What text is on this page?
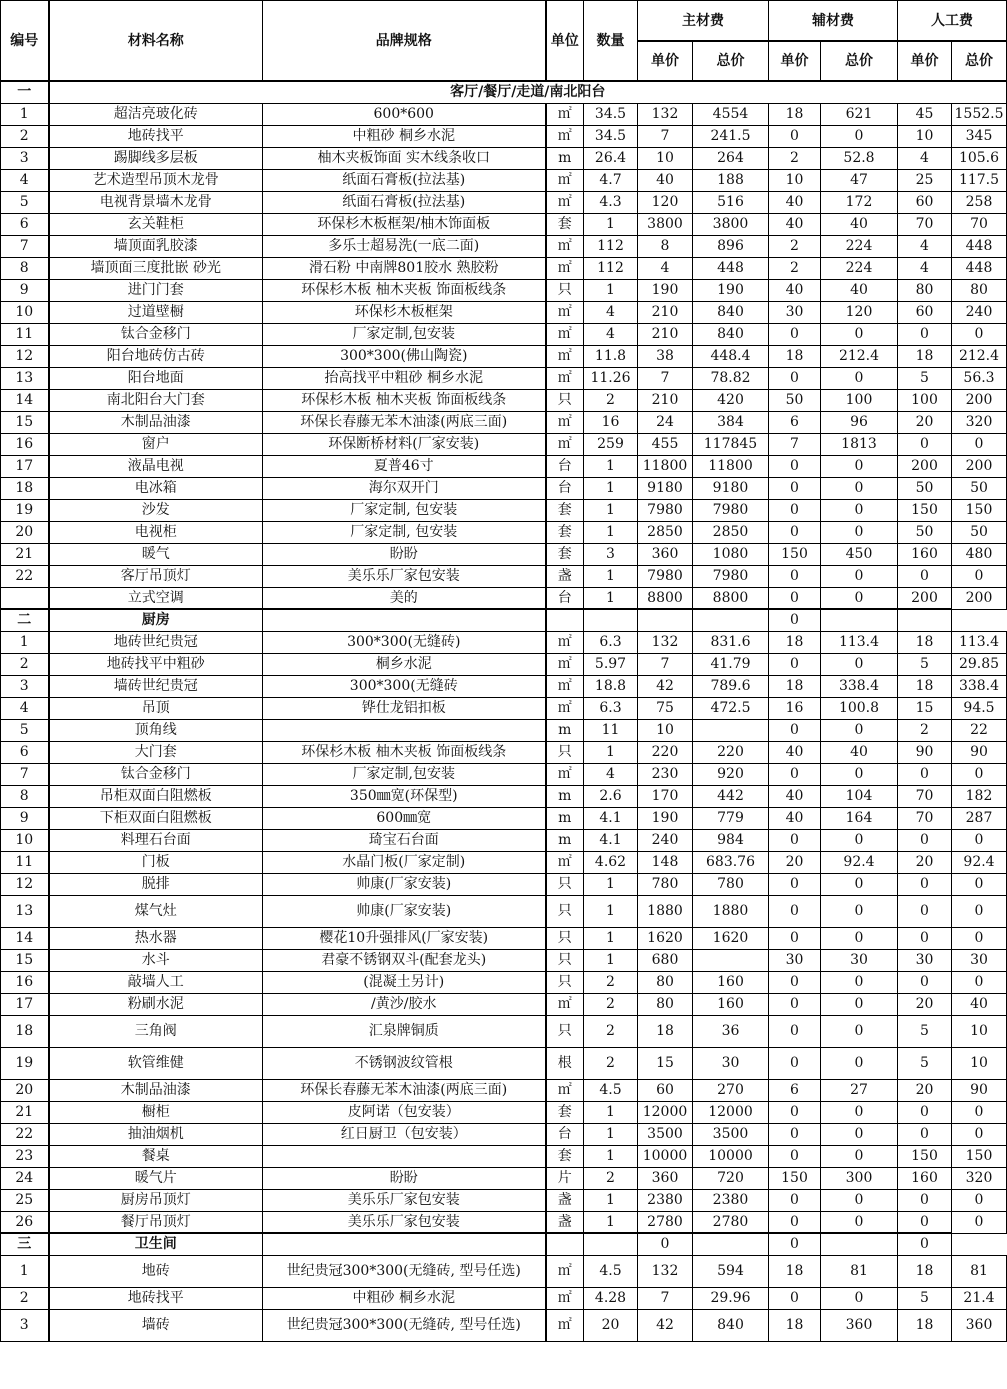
编号	材料名称	品牌规格	单位	数量	主材费		辅材费		人工费	
					单价	总价	单价	总价	单价	总价
一	客厅/餐厅/走道/南北阳台									
1	超洁亮玻化砖	600*600	㎡	34.5	132	4554	18	621	45	1552.5
2	地砖找平	中粗砂 桐乡水泥	㎡	34.5	7	241.5	0	0	10	345
3	踢脚线多层板	柚木夹板饰面 实木线条收口	m	26.4	10	264	2	52.8	4	105.6
4	艺术造型吊顶木龙骨	纸面石膏板(拉法基)	㎡	4.7	40	188	10	47	25	117.5
5	电视背景墙木龙骨	纸面石膏板(拉法基)	㎡	4.3	120	516	40	172	60	258
6	玄关鞋柜	环保杉木板框架/柚木饰面板	套	1	3800	3800	40	40	70	70
7	墙顶面乳胶漆	多乐士超易洗(一底二面)	㎡	112	8	896	2	224	4	448
8	墙顶面三度批嵌 砂光	滑石粉 中南牌801胶水 熟胶粉	㎡	112	4	448	2	224	4	448
9	进门门套	环保杉木板 柚木夹板 饰面板线条	只	1	190	190	40	40	80	80
10	过道壁橱	环保杉木板框架	㎡	4	210	840	30	120	60	240
11	钛合金移门	厂家定制,包安装	㎡	4	210	840	0	0	0	0
12	阳台地砖仿古砖	300*300(佛山陶瓷)	㎡	11.8	38	448.4	18	212.4	18	212.4
13	阳台地面	抬高找平中粗砂 桐乡水泥	㎡	11.26	7	78.82	0	0	5	56.3
14	南北阳台大门套	环保杉木板 柚木夹板 饰面板线条	只	2	210	420	50	100	100	200
15	木制品油漆	环保长春藤无苯木油漆(两底三面)	㎡	16	24	384	6	96	20	320
16	窗户	环保断桥材料(厂家安装)	㎡	259	455	117845	7	1813	0	0
17	液晶电视	夏普46寸	台	1	11800	11800	0	0	200	200
18	电冰箱	海尔双开门	台	1	9180	9180	0	0	50	50
19	沙发	厂家定制, 包安装	套	1	7980	7980	0	0	150	150
20	电视柜	厂家定制, 包安装	套	1	2850	2850	0	0	50	50
21	暖气	盼盼	套	3	360	1080	150	450	160	480
22	客厅吊顶灯	美乐乐厂家包安装	盏	1	7980	7980	0	0	0	0
	立式空调	美的	台	1	8800	8800	0	0	200	200
二	厨房						0			
1	地砖世纪贵冠	300*300(无缝砖)	㎡	6.3	132	831.6	18	113.4	18	113.4
2	地砖找平中粗砂	桐乡水泥	㎡	5.97	7	41.79	0	0	5	29.85
3	墙砖世纪贵冠	300*300(无缝砖	㎡	18.8	42	789.6	18	338.4	18	338.4
4	吊顶	铧仕龙铝扣板	㎡	6.3	75	472.5	16	100.8	15	94.5
5	顶角线		m	11	10		0	0	2	22
6	大门套	环保杉木板 柚木夹板 饰面板线条	只	1	220	220	40	40	90	90
7	钛合金移门	厂家定制,包安装	㎡	4	230	920	0	0	0	0
8	吊柜双面白阻燃板	350㎜宽(环保型)	m	2.6	170	442	40	104	70	182
9	下柜双面白阻燃板	600㎜宽	m	4.1	190	779	40	164	70	287
10	料理石台面	琦宝石台面	m	4.1	240	984	0	0	0	0
11	门板	水晶门板(厂家定制)	㎡	4.62	148	683.76	20	92.4	20	92.4
12	脱排	帅康(厂家安装)	只	1	780	780	0	0	0	0
13	煤气灶	帅康(厂家安装)	只	1	1880	1880	0	0	0	0
14	热水器	樱花10升强排风(厂家安装)	只	1	1620	1620	0	0	0	0
15	水斗	君豪不锈钢双斗(配套龙头)	只	1	680		30	30	30	30
16	敲墙人工	(混凝土另计)	只	2	80	160	0	0	0	0
17	粉刷水泥	/黄沙/胶水	㎡	2	80	160	0	0	20	40
18	三角阀	汇泉牌铜质	只	2	18	36	0	0	5	10
19	软管维健	不锈钢波纹管根	根	2	15	30	0	0	5	10
20	木制品油漆	环保长春藤无苯木油漆(两底三面)	㎡	4.5	60	270	6	27	20	90
21	橱柜	皮阿诺（包安装）	套	1	12000	12000	0	0	0	0
22	抽油烟机	红日厨卫（包安装）	台	1	3500	3500	0	0	0	0
23	餐桌		套	1	10000	10000	0	0	150	150
24	暖气片	盼盼	片	2	360	720	150	300	160	320
25	厨房吊顶灯	美乐乐厂家包安装	盏	1	2380	2380	0	0	0	0
26	餐厅吊顶灯	美乐乐厂家包安装	盏	1	2780	2780	0	0	0	0
三	卫生间				0		0		0	
1	地砖	世纪贵冠300*300(无缝砖, 型号任选)	㎡	4.5	132	594	18	81	18	81
2	地砖找平	中粗砂 桐乡水泥	㎡	4.28	7	29.96	0	0	5	21.4
3	墙砖	世纪贵冠300*300(无缝砖, 型号任选)	㎡	20	42	840	18	360	18	360
